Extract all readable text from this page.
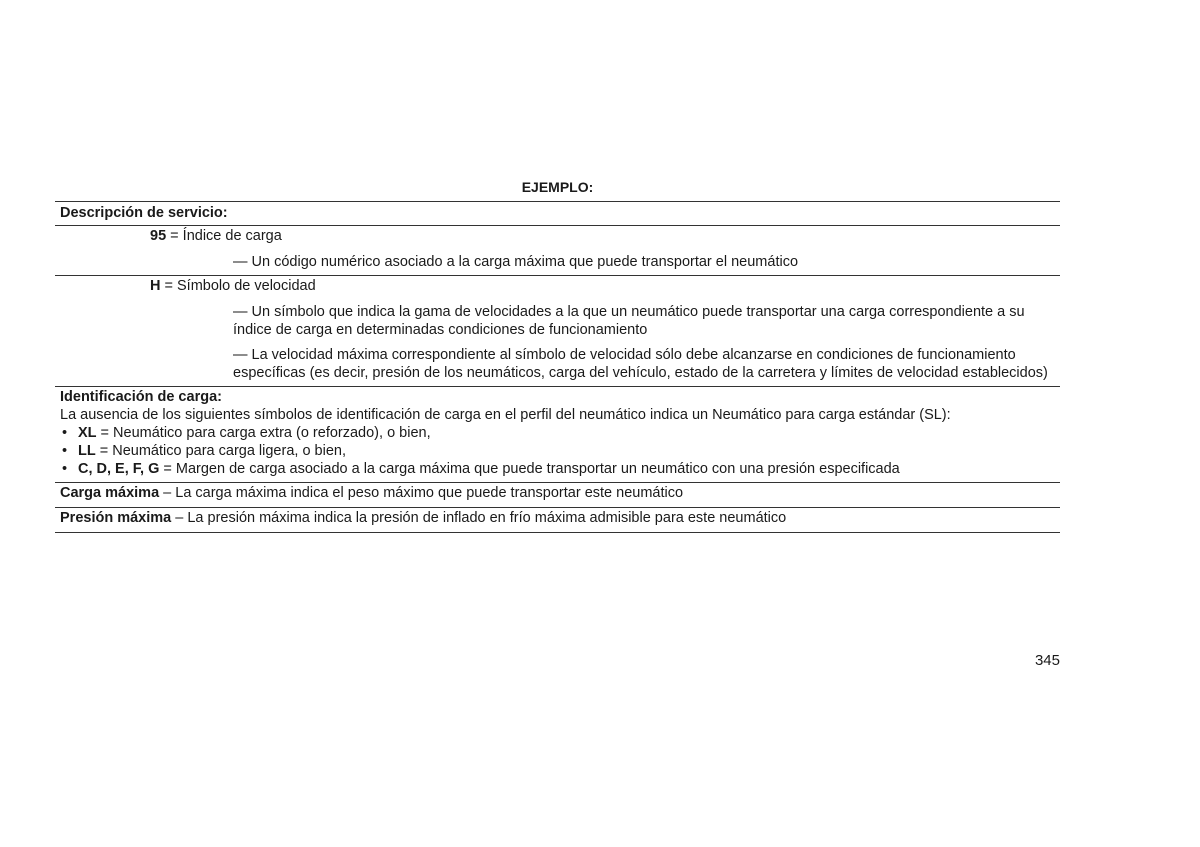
EJEMPLO:
Descripción de servicio:
95 = Índice de carga

— Un código numérico asociado a la carga máxima que puede transportar el neumático

H = Símbolo de velocidad

— Un símbolo que indica la gama de velocidades a la que un neumático puede transportar una carga correspondiente a su índice de carga en determinadas condiciones de funcionamiento

— La velocidad máxima correspondiente al símbolo de velocidad sólo debe alcanzarse en condiciones de funcionamiento específicas (es decir, presión de los neumáticos, carga del vehículo, estado de la carretera y límites de velocidad establecidos)

Identificación de carga:
La ausencia de los siguientes símbolos de identificación de carga en el perfil del neumático indica un Neumático para carga estándar (SL):
• XL = Neumático para carga extra (o reforzado), o bien,
• LL = Neumático para carga ligera, o bien,
• C, D, E, F, G = Margen de carga asociado a la carga máxima que puede transportar un neumático con una presión especificada
Carga máxima – La carga máxima indica el peso máximo que puede transportar este neumático
Presión máxima – La presión máxima indica la presión de inflado en frío máxima admisible para este neumático
345
